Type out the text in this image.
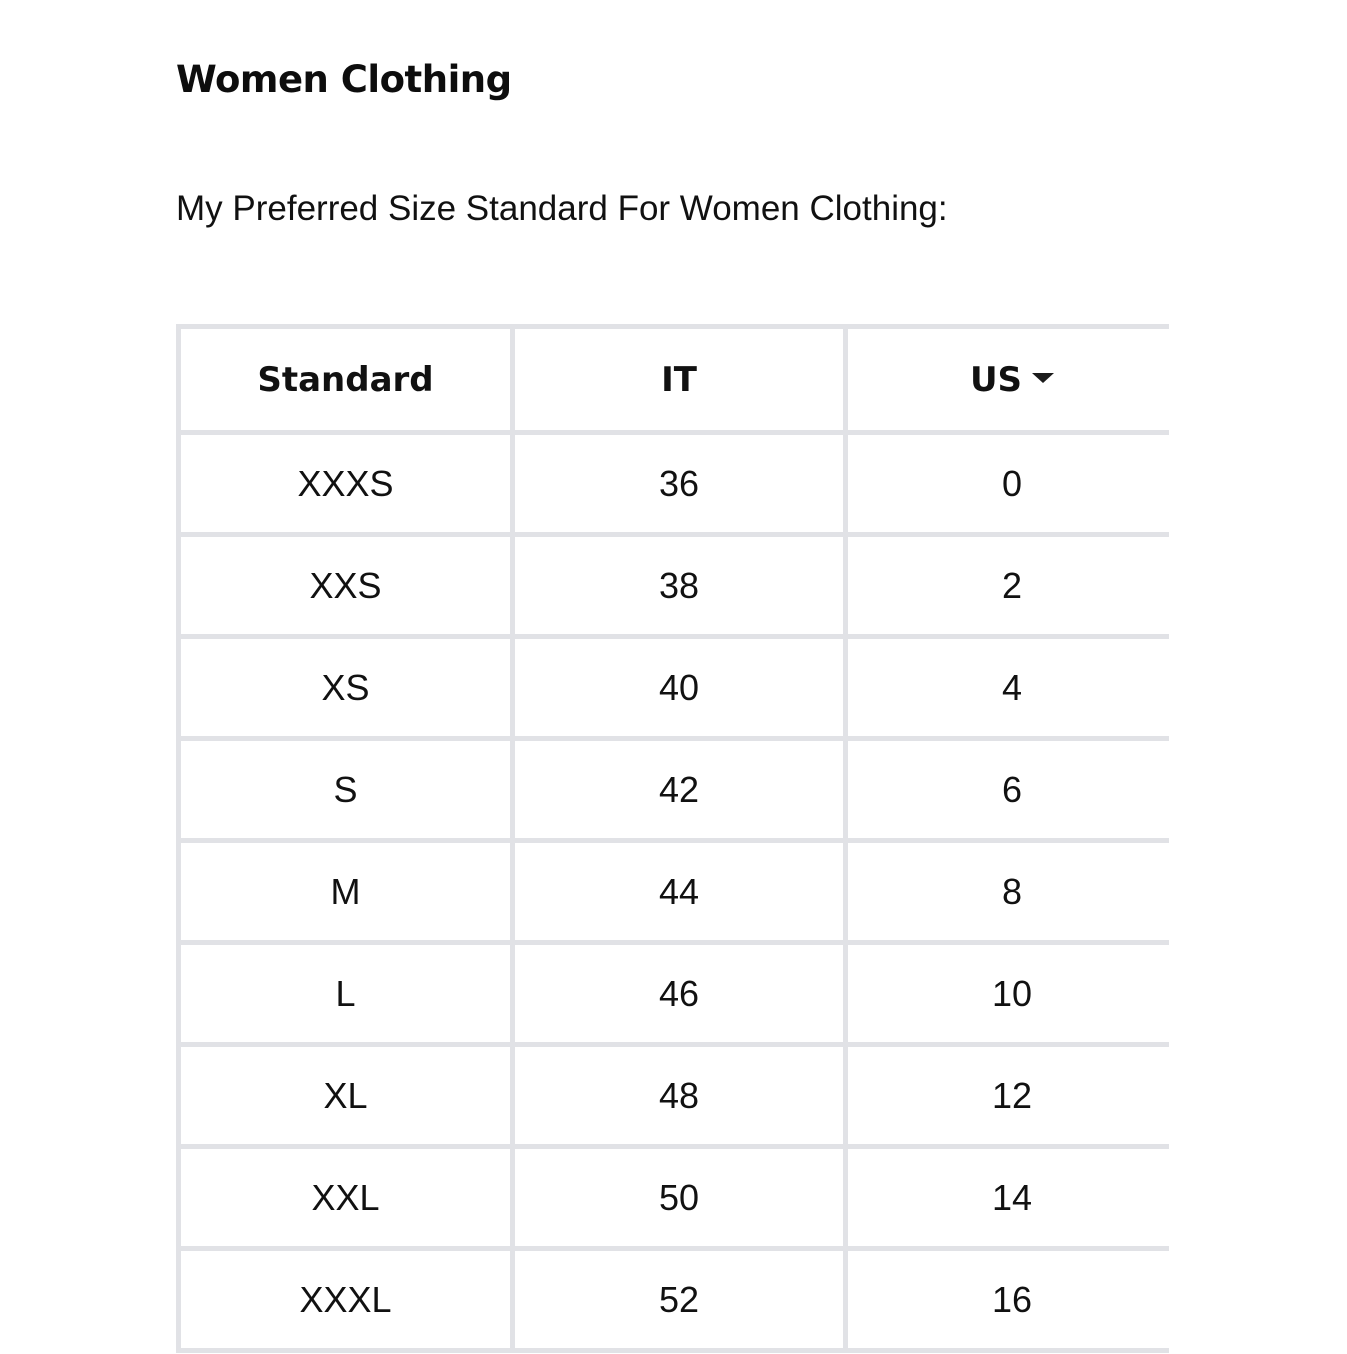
Women Clothing
My Preferred Size Standard For Women Clothing:
Standard	IT	US

XXXS	36	0
XXS	38	2
XS	40	4
S	42	6
M	44	8
L	46	10
XL	48	12
XXL	50	14
XXXL	52	16
